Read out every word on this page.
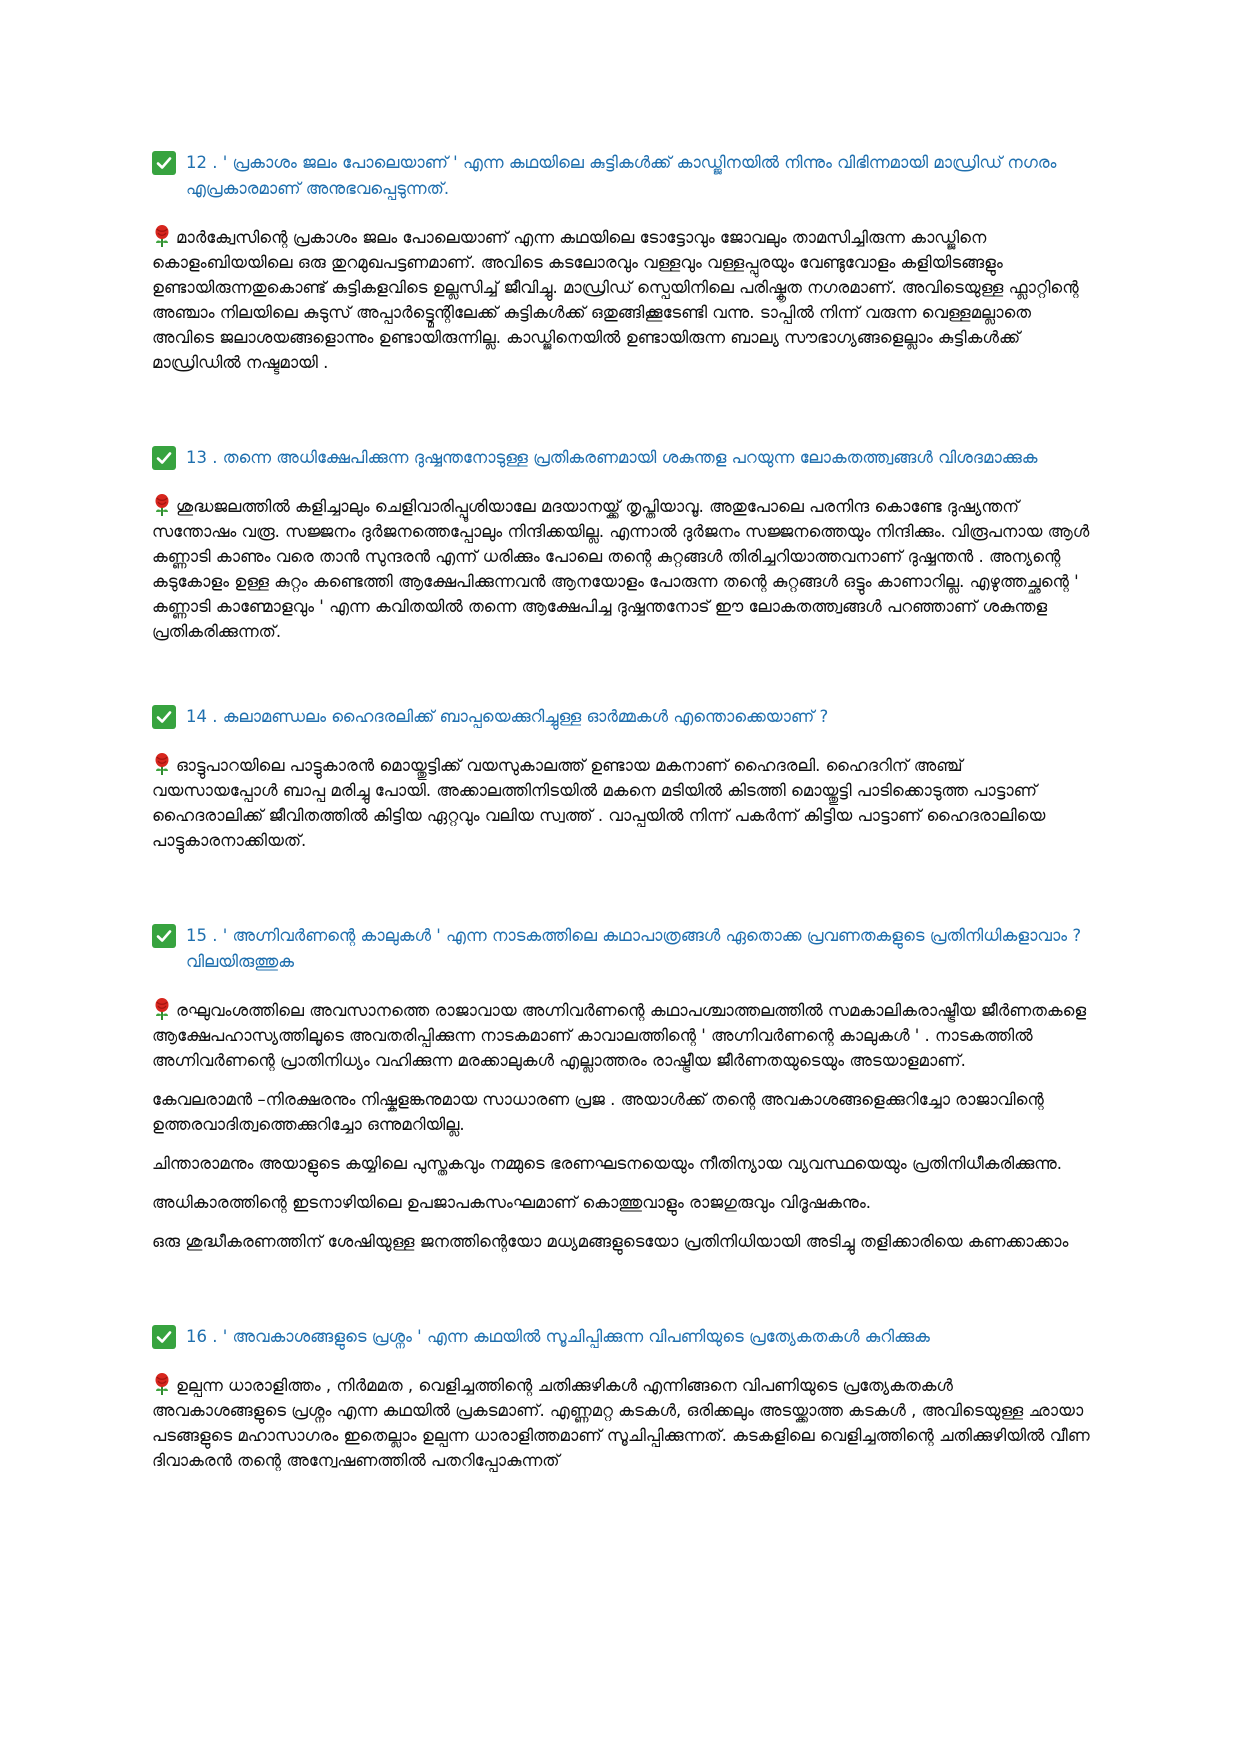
12 . ' പ്രകാശം ജലം പോലെയാണ് ' എന്ന കഥയിലെ കുട്ടികൾക്ക് കാഡ്ജിനയിൽ നിന്നും വിഭിന്നമായി മാഡ്രിഡ് നഗരം എപ്രകാരമാണ് അനുഭവപ്പെടുന്നത്.

മാർക്വേസിന്റെ പ്രകാശം ജലം പോലെയാണ് എന്ന കഥയിലെ ടോട്ടോവും ജോവലും താമസിച്ചിരുന്ന കാഡ്ജിനെ കൊളംബിയയിലെ ഒരു തുറമുഖപട്ടണമാണ്. അവിടെ കടലോരവും വള്ളവും വള്ളപ്പുരയും വേണ്ടുവോളം കളിയിടങ്ങളും ഉണ്ടായിരുന്നതുകൊണ്ട് കുട്ടികളവിടെ ഉല്ലസിച്ച് ജീവിച്ചു. മാഡ്രിഡ് സ്പെയിനിലെ പരിഷ്കൃത നഗരമാണ്. അവിടെയുള്ള ഫ്ലാറ്റിന്റെ അഞ്ചാം നിലയിലെ കുടുസ് അപ്പാർട്ട്മെന്റിലേക്ക് കുട്ടികൾക്ക് ഒതുങ്ങിക്കൂടേണ്ടി വന്നു. ടാപ്പിൽ നിന്ന് വരുന്ന വെള്ളമല്ലാതെ അവിടെ ജലാശയങ്ങളൊന്നും ഉണ്ടായിരുന്നില്ല. കാഡ്ജിനെയിൽ ഉണ്ടായിരുന്ന ബാല്യ സൗഭാഗ്യങ്ങളെല്ലാം കുട്ടികൾക്ക് മാഡ്രിഡിൽ നഷ്ടമായി .

13 . തന്നെ അധിക്ഷേപിക്കുന്ന ദുഷ്ഷന്തനോടുള്ള പ്രതികരണമായി ശകുന്തള പറയുന്ന ലോകതത്ത്വങ്ങൾ വിശദമാക്കുക

ശുദ്ധജലത്തിൽ കളിച്ചാലും ചെളിവാരിപ്പൂശിയാലേ മദയാനയ്ക്ക് തൃപ്തിയാവൂ. അതുപോലെ പരനിന്ദ കൊണ്ടേ ദുഷ്യന്തന് സന്തോഷം വരൂ. സജ്ജനം ദുർജനത്തെപ്പോലും നിന്ദിക്കയില്ല. എന്നാൽ ദുർജനം സജ്ജനത്തെയും നിന്ദിക്കും. വിരൂപനായ ആൾ കണ്ണാടി കാണും വരെ താൻ സുന്ദരൻ എന്ന് ധരിക്കും പോലെ തന്റെ കുറ്റങ്ങൾ തിരിച്ചറിയാത്തവനാണ് ദുഷ്ഷന്തൻ . അന്യന്റെ കടുകോളം ഉള്ള കുറ്റം കണ്ടെത്തി ആക്ഷേപിക്കുന്നവൻ ആനയോളം പോരുന്ന തന്റെ കുറ്റങ്ങൾ ഒട്ടും കാണാറില്ല. എഴുത്തച്ഛന്റെ ' കണ്ണാടി കാണ്മോളവും ' എന്ന കവിതയിൽ തന്നെ ആക്ഷേപിച്ച ദുഷ്ഷന്തനോട് ഈ ലോകതത്ത്വങ്ങൾ പറഞ്ഞാണ് ശകുന്തള പ്രതികരിക്കുന്നത്.

14 . കലാമണ്ഡലം ഹൈദരലിക്ക് ബാപ്പയെക്കുറിച്ചുള്ള ഓർമ്മകൾ എന്തൊക്കെയാണ് ?

ഓട്ടുപാറയിലെ പാട്ടുകാരൻ മൊയ്തുട്ടിക്ക് വയസുകാലത്ത് ഉണ്ടായ മകനാണ് ഹൈദരലി. ഹൈദറിന് അഞ്ച് വയസായപ്പോൾ ബാപ്പ മരിച്ചു പോയി. അക്കാലത്തിനിടയിൽ മകനെ മടിയിൽ കിടത്തി മൊയ്തുട്ടി പാടിക്കൊടുത്ത പാട്ടാണ് ഹൈദരാലിക്ക് ജീവിതത്തിൽ കിട്ടിയ ഏറ്റവും വലിയ സ്വത്ത് . വാപ്പയിൽ നിന്ന് പകർന്ന് കിട്ടിയ പാട്ടാണ് ഹൈദരാലിയെ പാട്ടുകാരനാക്കിയത്.

15 . ' അഗ്നിവർണന്റെ കാലുകൾ ' എന്ന നാടകത്തിലെ കഥാപാത്രങ്ങൾ ഏതൊക്ക പ്രവണതകളുടെ പ്രതിനിധികളാവാം ? വിലയിരുത്തുക

രഘുവംശത്തിലെ അവസാനത്തെ രാജാവായ അഗ്നിവർണന്റെ കഥാപശ്ചാത്തലത്തിൽ സമകാലികരാഷ്ട്രീയ ജീർണതകളെ ആക്ഷേപഹാസ്യത്തിലൂടെ അവതരിപ്പിക്കുന്ന നാടകമാണ് കാവാലത്തിന്റെ ' അഗ്നിവർണന്റെ കാലുകൾ ' . നാടകത്തിൽ അഗ്നിവർണന്റെ പ്രാതിനിധ്യം വഹിക്കുന്ന മരക്കാലുകൾ എല്ലാത്തരം രാഷ്ട്രീയ ജീർണതയുടെയും അടയാളമാണ്.

കേവലരാമൻ –നിരക്ഷരനും നിഷ്കളങ്കനുമായ സാധാരണ പ്രജ . അയാൾക്ക് തന്റെ അവകാശങ്ങളെക്കുറിച്ചോ രാജാവിന്റെ ഉത്തരവാദിത്വത്തെക്കുറിച്ചോ ഒന്നുമറിയില്ല.

ചിന്താരാമനും അയാളുടെ കയ്യിലെ പുസ്തകവും നമ്മുടെ ഭരണഘടനയെയും നീതിന്യായ വ്യവസ്ഥയെയും പ്രതിനിധീകരിക്കുന്നു.

അധികാരത്തിന്റെ ഇടനാഴിയിലെ ഉപജാപകസംഘമാണ് കൊത്തുവാളും രാജഗുരുവും വിദൂഷകനും.

ഒരു ശുദ്ധീകരണത്തിന് ശേഷിയുള്ള ജനത്തിന്റെയോ മധ്യമങ്ങളുടെയോ പ്രതിനിധിയായി അടിച്ചു തളിക്കാരിയെ കണക്കാക്കാം

16 . ' അവകാശങ്ങളുടെ പ്രശ്നം ' എന്ന കഥയിൽ സൂചിപ്പിക്കുന്ന വിപണിയുടെ പ്രത്യേകതകൾ കുറിക്കുക

ഉല്പന്ന ധാരാളിത്തം , നിർമമത , വെളിച്ചത്തിന്റെ ചതിക്കുഴികൾ എന്നിങ്ങനെ വിപണിയുടെ പ്രത്യേകതകൾ അവകാശങ്ങളുടെ പ്രശ്നം എന്ന കഥയിൽ പ്രകടമാണ്. എണ്ണമറ്റ കടകൾ, ഒരിക്കലും അടയ്ക്കാത്ത കടകൾ , അവിടെയുള്ള ഛായാ പടങ്ങളുടെ മഹാസാഗരം ഇതെല്ലാം ഉല്പന്ന ധാരാളിത്തമാണ് സൂചിപ്പിക്കുന്നത്. കടകളിലെ വെളിച്ചത്തിന്റെ ചതിക്കുഴിയിൽ വീണ ദിവാകരൻ തന്റെ അന്വേഷണത്തിൽ പതറിപ്പോകുന്നത്
